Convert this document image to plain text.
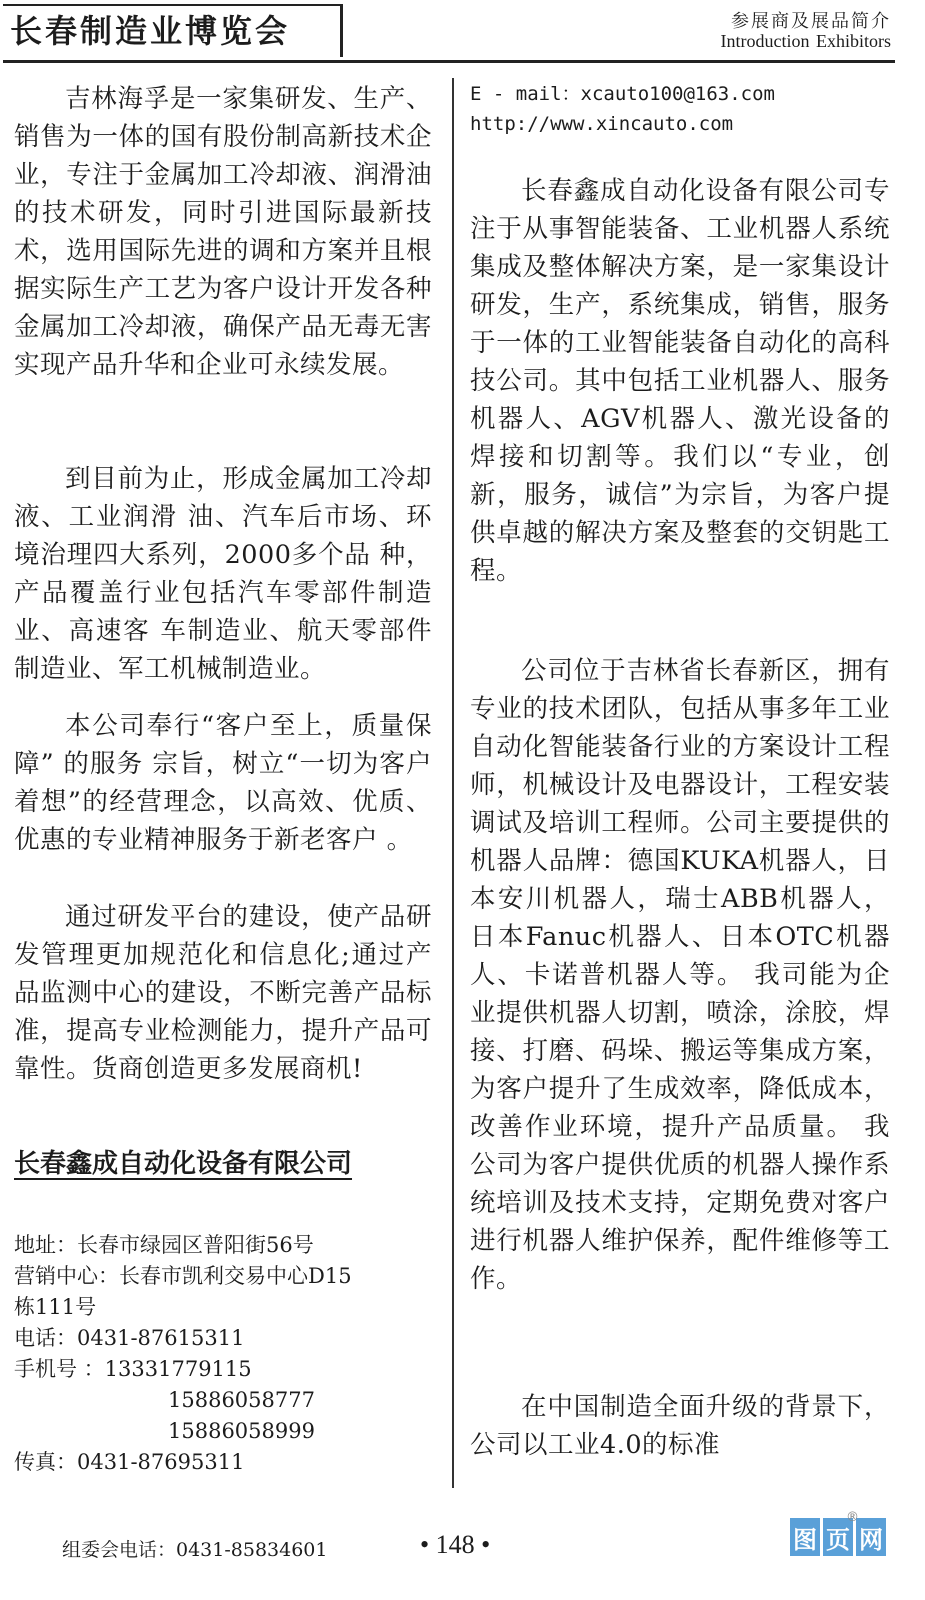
长春制造业博览会	参展商及展品简介
Introduction Exhibitors

吉林海孚是一家集研发、生产、销售为一体的国有股份制高新技术企业，专注于金属加工冷却液、润滑油的技术研发，同时引进国际最新技术，选用国际先进的调和方案并且根据实际生产工艺为客户设计开发各种金属加工冷却液，确保产品无毒无害实现产品升华和企业可永续发展。

到目前为止，形成金属加工冷却液、工业润滑 油、汽车后市场、环境治理四大系列，2000多个品 种，产品覆盖行业包括汽车零部件制造业、高速客 车制造业、航天零部件制造业、军工机械制造业。

本公司奉行“客户至上，质量保障” 的服务 宗旨，树立“一切为客户着想”的经营理念，以高效、优质、优惠的专业精神服务于新老客户 。

通过研发平台的建设，使产品研发管理更加规范化和信息化;通过产品监测中心的建设，不断完善产品标准，提高专业检测能力，提升产品可靠性。货商创造更多发展商机!

长春鑫成自动化设备有限公司
地址：长春市绿园区普阳街56号
营销中心：长春市凯利交易中心D15
栋111号
电话：0431-87615311
手机号 ：13331779115
15886058777
15886058999
传真：0431-87695311
E - mail：xcauto100@163.com
http://www.xincauto.com

长春鑫成自动化设备有限公司专注于从事智能装备、工业机器人系统集成及整体解决方案，是一家集设计研发，生产，系统集成，销售，服务于一体的工业智能装备自动化的高科技公司。其中包括工业机器人、服务机器人、AGV机器人、激光设备的焊接和切割等。我们以“专业，创新，服务，诚信”为宗旨，为客户提供卓越的解决方案及整套的交钥匙工程。

公司位于吉林省长春新区，拥有专业的技术团队，包括从事多年工业自动化智能装备行业的方案设计工程师，机械设计及电器设计，工程安装调试及培训工程师。公司主要提供的机器人品牌：德国KUKA机器人，日本安川机器人，瑞士ABB机器人，日本Fanuc机器人、日本OTC机器人、卡诺普机器人等。 我司能为企业提供机器人切割，喷涂，涂胶，焊接、打磨、码垛、搬运等集成方案，为客户提升了生成效率，降低成本，改善作业环境，提升产品质量。 我公司为客户提供优质的机器人操作系统培训及技术支持，定期免费对客户进行机器人维护保养，配件维修等工作。

在中国制造全面升级的背景下，公司以工业4.0的标准

组委会电话：0431-85834601	• 148 •	图 页 网
®
